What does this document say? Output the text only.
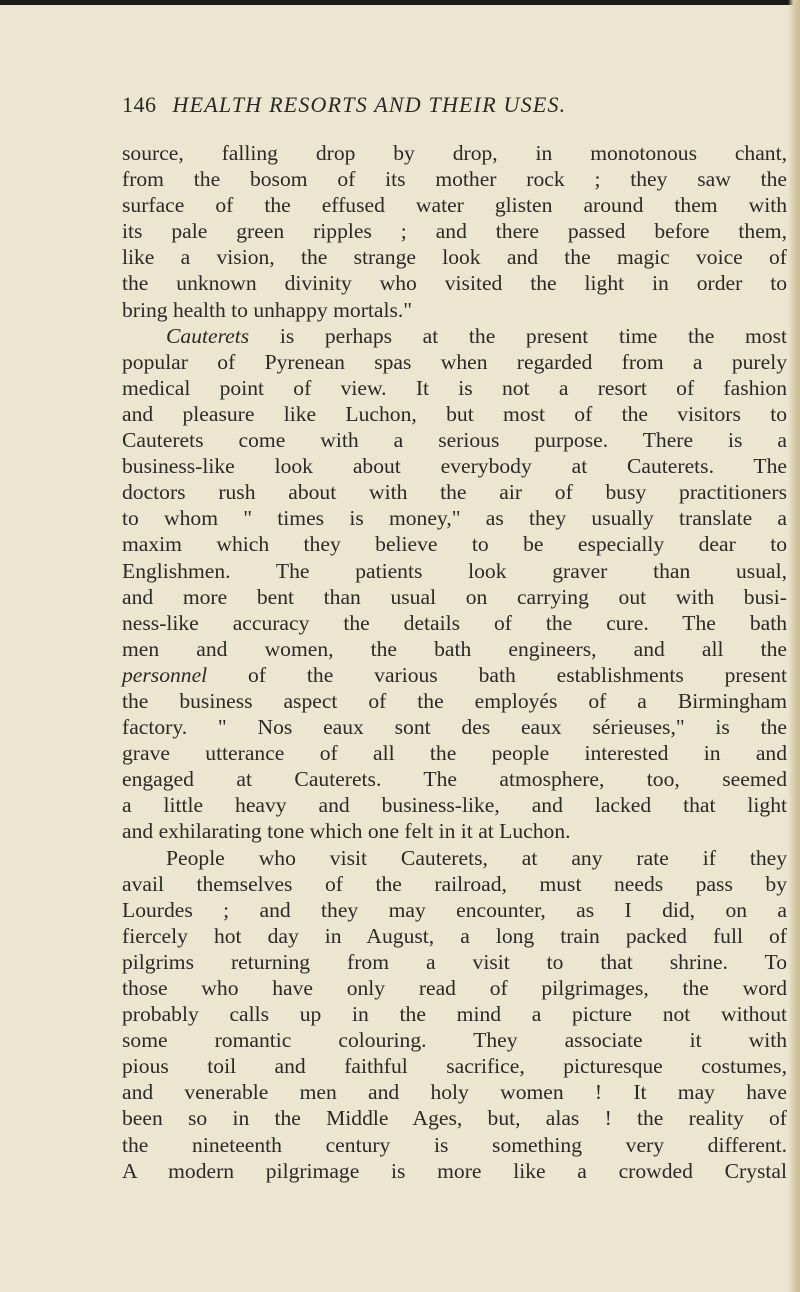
146 HEALTH RESORTS AND THEIR USES.
source, falling drop by drop, in monotonous chant,
from the bosom of its mother rock ; they saw the
surface of the effused water glisten around them with
its pale green ripples ; and there passed before them,
like a vision, the strange look and the magic voice of
the unknown divinity who visited the light in order to
bring health to unhappy mortals."
Cauterets is perhaps at the present time the most
popular of Pyrenean spas when regarded from a purely
medical point of view. It is not a resort of fashion
and pleasure like Luchon, but most of the visitors to
Cauterets come with a serious purpose. There is a
business-like look about everybody at Cauterets. The
doctors rush about with the air of busy practitioners
to whom " times is money," as they usually translate a
maxim which they believe to be especially dear to
Englishmen. The patients look graver than usual,
and more bent than usual on carrying out with busi-
ness-like accuracy the details of the cure. The bath
men and women, the bath engineers, and all the
personnel of the various bath establishments present
the business aspect of the employés of a Birmingham
factory. " Nos eaux sont des eaux sérieuses," is the
grave utterance of all the people interested in and
engaged at Cauterets. The atmosphere, too, seemed
a little heavy and business-like, and lacked that light
and exhilarating tone which one felt in it at Luchon.
People who visit Cauterets, at any rate if they
avail themselves of the railroad, must needs pass by
Lourdes ; and they may encounter, as I did, on a
fiercely hot day in August, a long train packed full of
pilgrims returning from a visit to that shrine. To
those who have only read of pilgrimages, the word
probably calls up in the mind a picture not without
some romantic colouring. They associate it with
pious toil and faithful sacrifice, picturesque costumes,
and venerable men and holy women ! It may have
been so in the Middle Ages, but, alas ! the reality of
the nineteenth century is something very different.
A modern pilgrimage is more like a crowded Crystal
